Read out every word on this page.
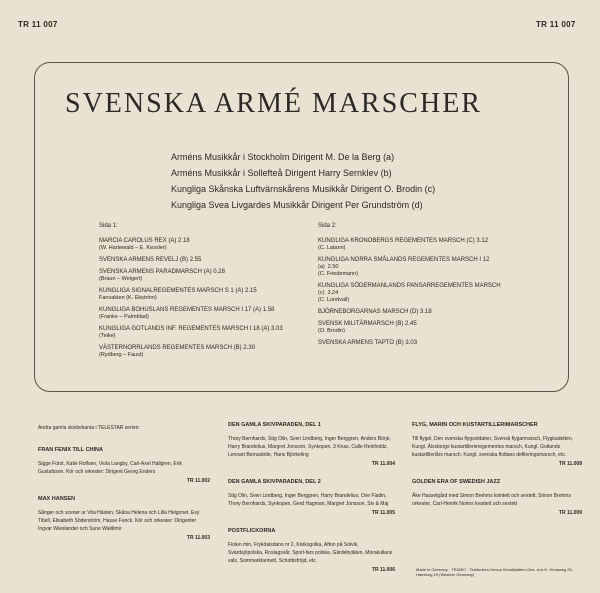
TR 11 007	TR 11 007
SVENSKA ARMÉ MARSCHER
Arméns Musikkår i Stockholm Dirigent M. De la Berg (a)
Arméns Musikkår i Sollefteå Dirigent Harry Sernklev (b)
Kungliga Skånska Luftvärnskårens Musikkår Dirigent O. Brodin (c)
Kungliga Svea Livgardes Musikkår Dirigent Per Grundström (d)
Sida 1:
MARCIA CAROLUS REX (A) 2.18
(W. Hartewald – E. Kessler)
SVENSKA ARMENS REVELJ (B) 2.55
SVENSKA ARMENS PARADMARSCH (A) 0.28
(Braun – Weigert)
KUNGLIGA SIGNALREGEMENTES MARSCH S 1 (A) 2.15
Fanvakten (K. Ekström)
KUNGLIGA BOHUSLANS REGEMENTES MARSCH I 17 (A) 1.58
(Franke – Palmblad)
KUNGLIGA GOTLANDS INF. REGEMENTES MARSCH I 18 (A) 3.03
(Teike)
VÄSTERNORRLANDS REGEMENTES MARSCH (B) 2.30
(Rydberg – Faust)
Sida 2:
KUNGLIGA KRONOBERGS REGEMENTES MARSCH (C) 3.12
(C. Latann)
KUNGLIGA NORRA SMÅLANDS REGEMENTES MARSCH I 12
(a)  2.50
(C. Friedemann)
KUNGLIGA SÖDERMANLANDS PANSARREGEMENTES MARSCH
(c)  3.24
(C. Lundvall)
BJÖRNEBORGARNAS MARSCH (D) 3.18
SVENSK MILITÄRMARSCH (B) 2.45
(O. Brodin)
SVENSKA ARMENS TAPTO (B) 3.03
Andra gamla skivbekanta i TELESTAR serien:
FRAN FENIX TILL CHINA
Sigge Fürst, Katie Rolfsen, Viola Langby, Carl-Axel Hallgren, Erik Gustafsson. Kör och orkester: Dirigent Georg Enders
TR 11.002
MAX HANSEN
Sånger och scener ur Vita Hästen, Skåna Helena och Lilla Helgonet. Evy Tibell, Elisabeth Söderström, Hasse Funck. Kör och orkester: Dirigenter Ingvar Wieslander och Sune Waldimir
TR 11.003
DEN GAMLA SKIVPARADEN, DEL 1
Thory Bernhards, Stig Olin, Sven Lindberg, Inger Berggren, Anders Börje, Harry Brandelius, Margret Jonsson, Synkopen, 3 Knas, Calle Reinholdz, Lennart Bernadotte, Hans Björkeling
TR 11.004
DEN GAMLA SKIVPARADEN, DEL 2
Stig Olin, Sven Lindberg, Inger Berggren, Harry Brandelius, Ove Fladin, Thory Bernhards, Synkopen, Gerd Hagman, Margret Jonsson, Siv & Maj
TR 11.005
POSTFLICKORNA
Fiolen min, Frykdalsdans nr 2, Kiviksgolka, Afton på Solvik, Svärdsjöpolska, Roslagsvår, Sporl-fars polska, Gärdebyläten, Morakullans vals, Sommarklarinett, Schottisfröjd, etc.
TR 11.006
FLYG, MARIN OCH KUSTARTILLERIMARSCHER
Till flygel, Den svenska flygsoldaten, Svensk flygarmarsch, Flygkadetten, Kungl. Älvsborgs kustartillerieregementes marsch, Kungl. Gotlands kustartilleriårs marsch, Kungl. svenska flottans defileringsmarsch, etc.
TR 11.008
GOLDEN ERA OF SWEDISH JAZZ
Åke Hasselgård med Simon Brehms kvintett och sextett, Simon Brehms orkester, Carl-Henrik Norins kvartett och sextett
TR 11.009
Made in Germany · TRIDEC · Telefunken-Decca Schallplatten-Ges. m.b.H. Heusweg 25, Hamburg 19 (Western Germany)
